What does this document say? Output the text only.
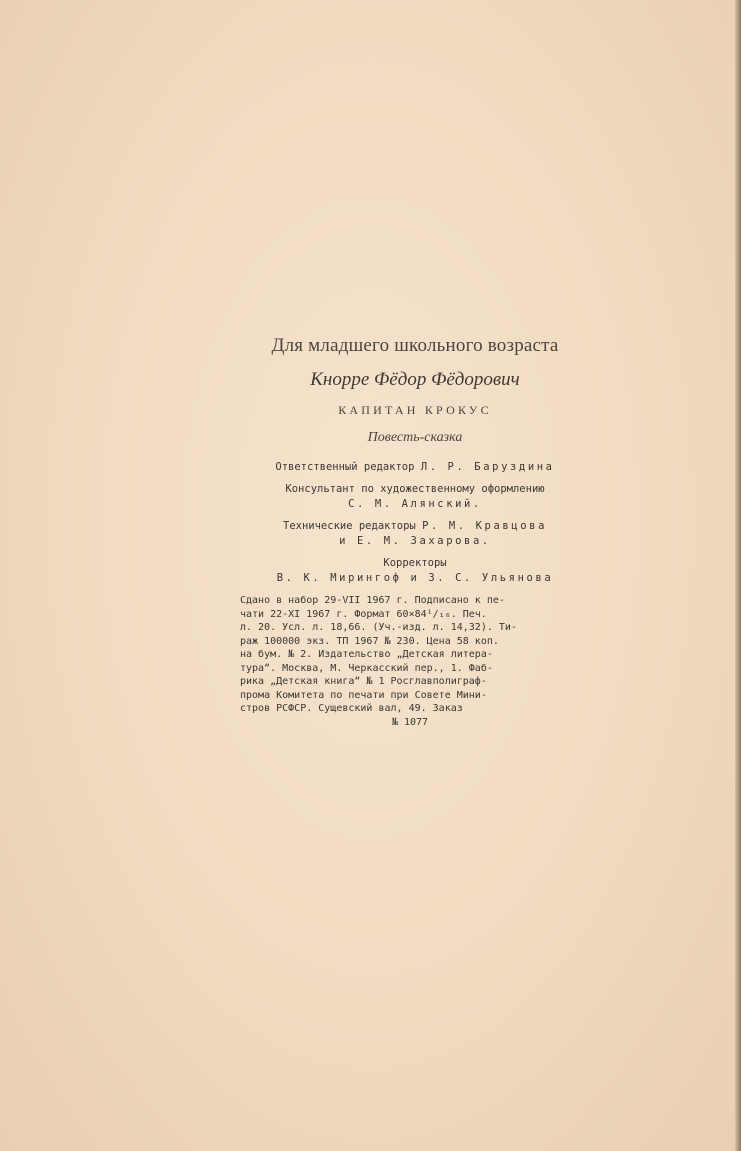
Для младшего школьного возраста
Кнорре Фёдор Фёдорович
КАПИТАН КРОКУС
Повесть-сказка
Ответственный редактор Л. Р. Баруздина
Консультант по художественному оформлению
С. М. Алянский.
Технические редакторы Р. М. Кравцова
и Е. М. Захарова.
Корректоры
В. К. Мирингоф и З. С. Ульянова
Сдано в набор 29-VII 1967 г. Подписано к пе-
чати 22-XI 1967 г. Формат 60×84¹/₁₆. Печ.
л. 20. Усл. л. 18,66. (Уч.-изд. л. 14,32). Ти-
раж 100000 экз. ТП 1967 № 230. Цена 58 коп.
на бум. № 2. Издательство „Детская литера-
тура“. Москва, М. Черкасский пер., 1. Фаб-
рика „Детская книга“ № 1 Росглавполиграф-
прома Комитета по печати при Совете Мини-
стров РСФСР. Сущевский вал, 49. Заказ
№ 1077
